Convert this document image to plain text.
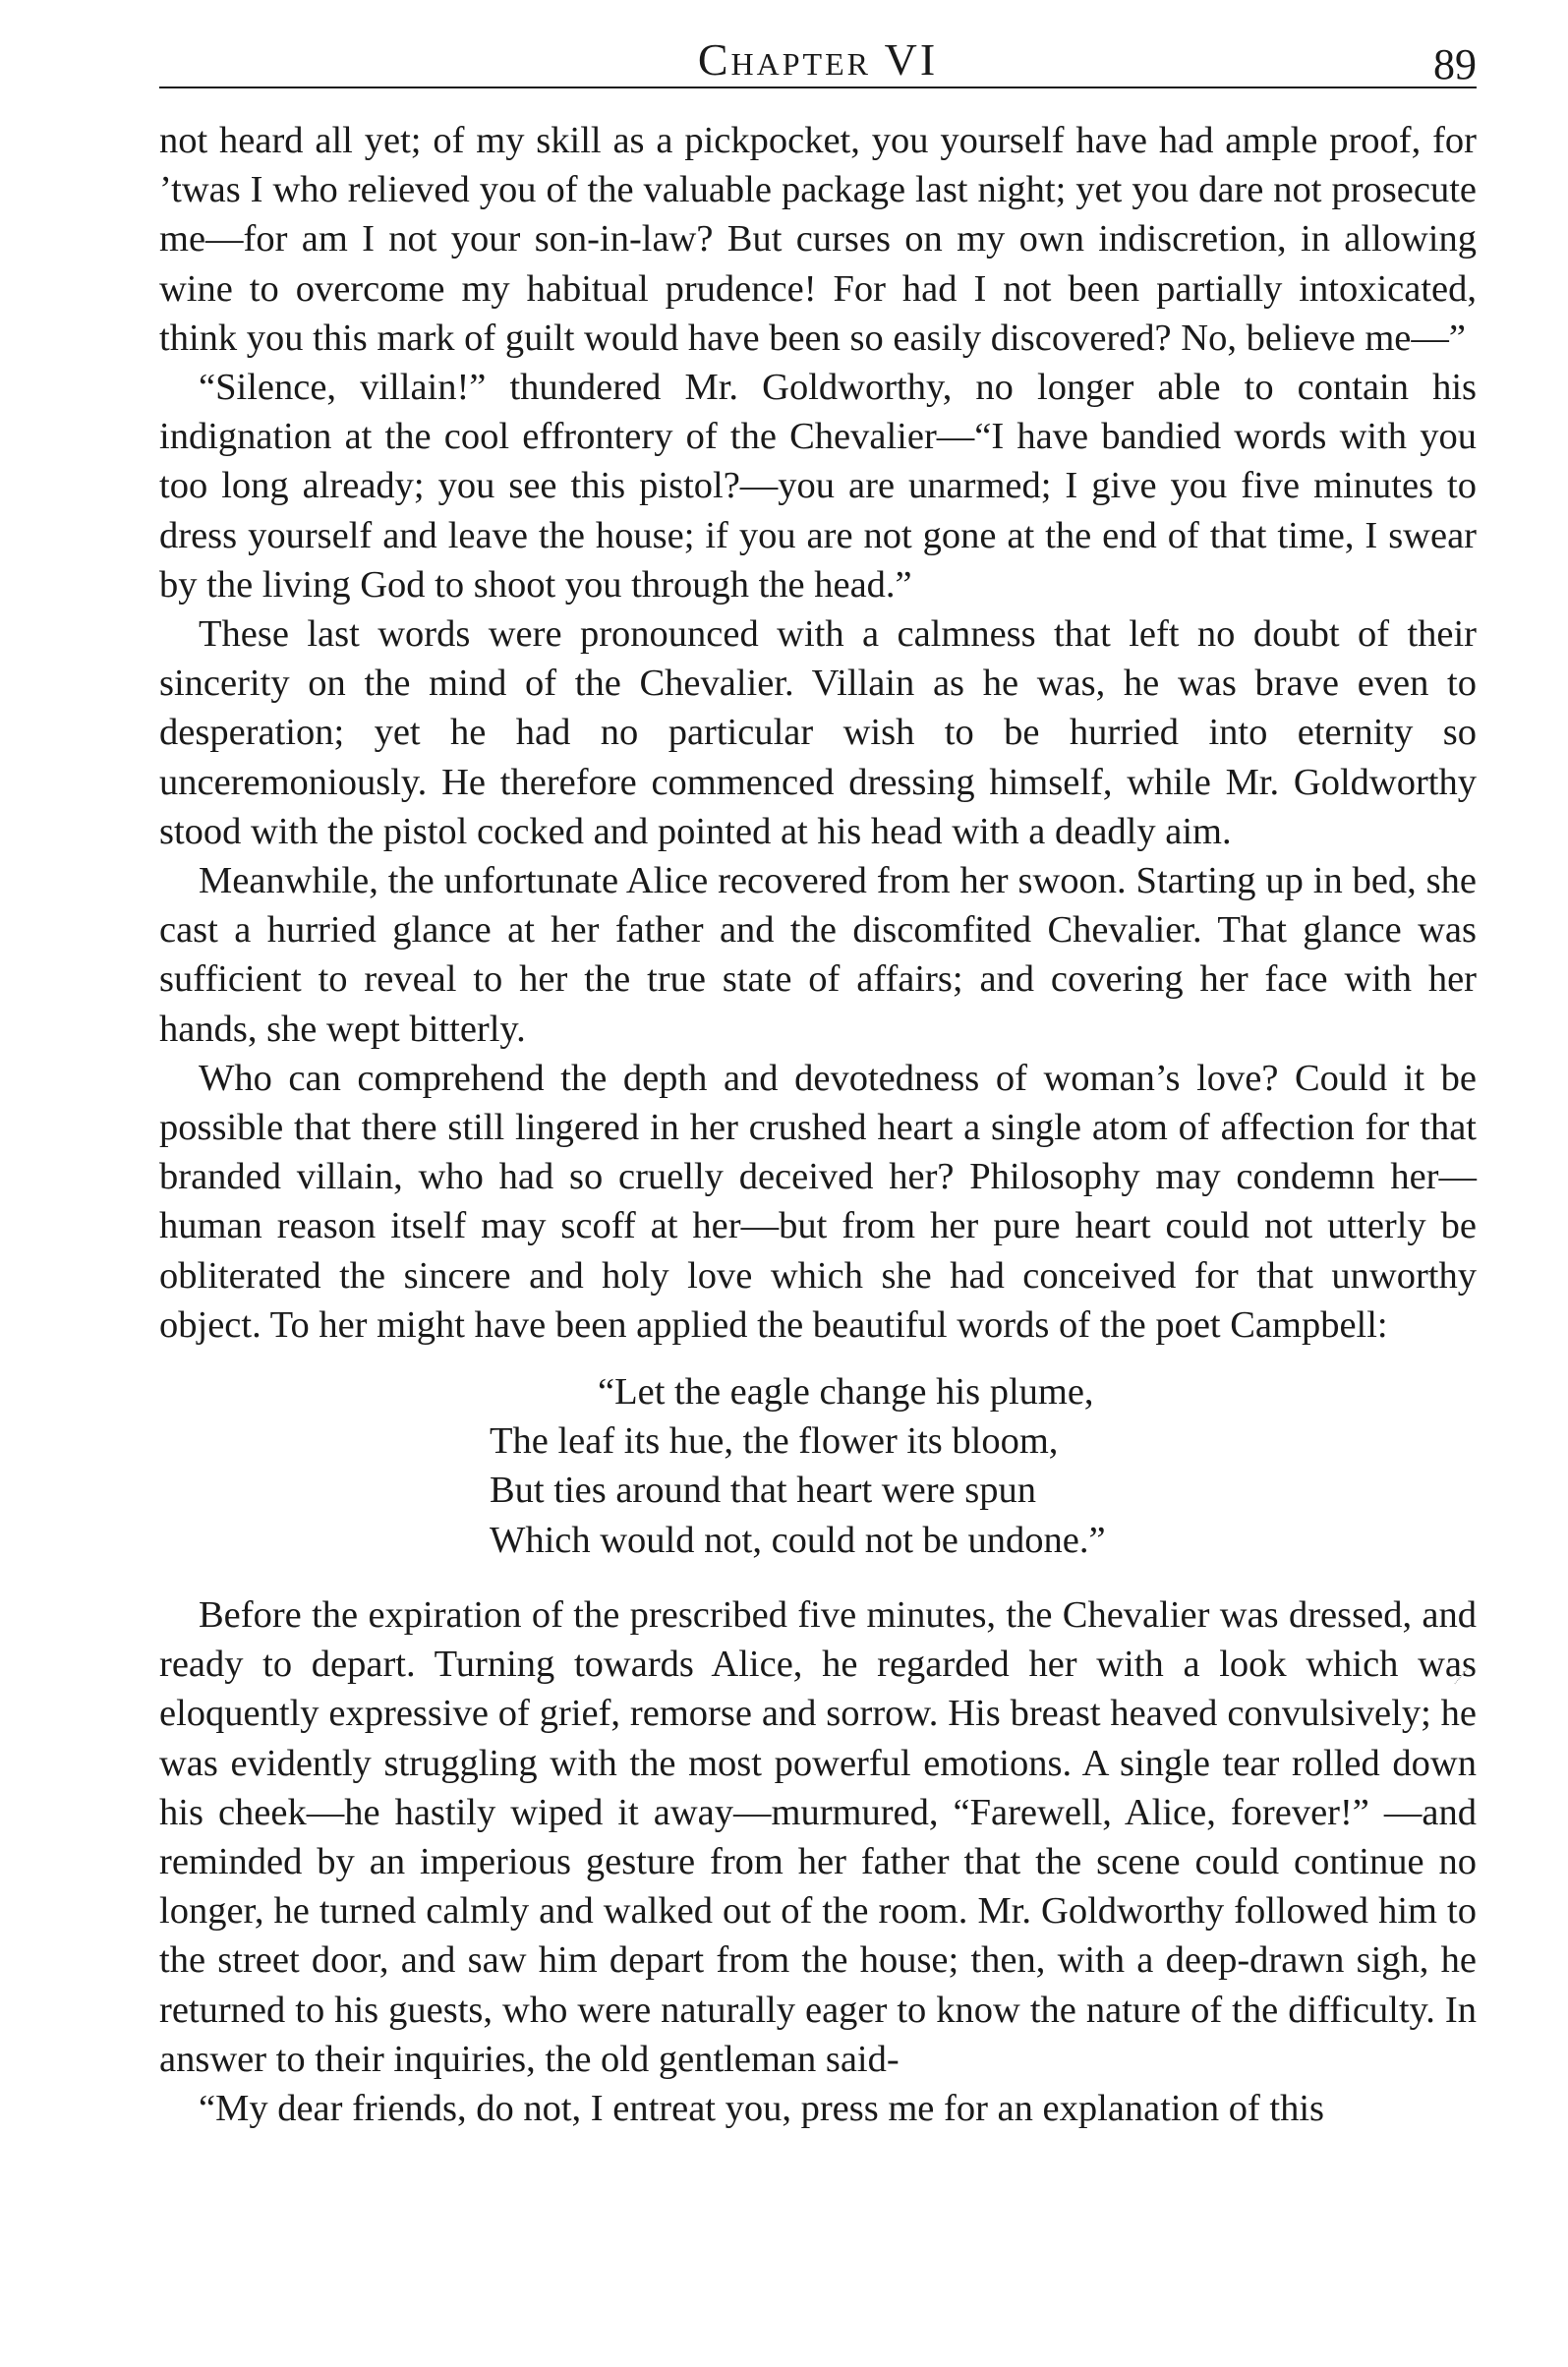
Chapter VI	89

not heard all yet; of my skill as a pickpocket, you yourself have had ample proof, for ’twas I who relieved you of the valuable package last night; yet you dare not prosecute me—for am I not your son-in-law? But curses on my own indiscretion, in allowing wine to overcome my habitual prudence! For had I not been partially intoxicated, think you this mark of guilt would have been so easily discovered? No, believe me—”

“Silence, villain!” thundered Mr. Goldworthy, no longer able to contain his indignation at the cool effrontery of the Chevalier—“I have bandied words with you too long already; you see this pistol?—you are unarmed; I give you five minutes to dress yourself and leave the house; if you are not gone at the end of that time, I swear by the living God to shoot you through the head.”

These last words were pronounced with a calmness that left no doubt of their sincerity on the mind of the Chevalier. Villain as he was, he was brave even to desperation; yet he had no particular wish to be hurried into eternity so unceremoniously. He therefore commenced dressing himself, while Mr. Goldworthy stood with the pistol cocked and pointed at his head with a deadly aim.

Meanwhile, the unfortunate Alice recovered from her swoon. Starting up in bed, she cast a hurried glance at her father and the discomfited Chevalier. That glance was sufficient to reveal to her the true state of affairs; and covering her face with her hands, she wept bitterly.

Who can comprehend the depth and devotedness of woman’s love? Could it be possible that there still lingered in her crushed heart a single atom of affection for that branded villain, who had so cruelly deceived her? Philosophy may condemn her—human reason itself may scoff at her—but from her pure heart could not utterly be obliterated the sincere and holy love which she had conceived for that unworthy object. To her might have been applied the beautiful words of the poet Campbell:

“Let the eagle change his plume,
The leaf its hue, the flower its bloom,
But ties around that heart were spun
Which would not, could not be undone.”

Before the expiration of the prescribed five minutes, the Chevalier was dressed, and ready to depart. Turning towards Alice, he regarded her with a look which was eloquently expressive of grief, remorse and sorrow. His breast heaved convulsively; he was evidently struggling with the most powerful emotions. A single tear rolled down his cheek—he hastily wiped it away—murmured, “Farewell, Alice, forever!” —and reminded by an imperious gesture from her father that the scene could continue no longer, he turned calmly and walked out of the room. Mr. Goldworthy followed him to the street door, and saw him depart from the house; then, with a deep-drawn sigh, he returned to his guests, who were naturally eager to know the nature of the difficulty. In answer to their inquiries, the old gentleman said-

“My dear friends, do not, I entreat you, press me for an explanation of this
